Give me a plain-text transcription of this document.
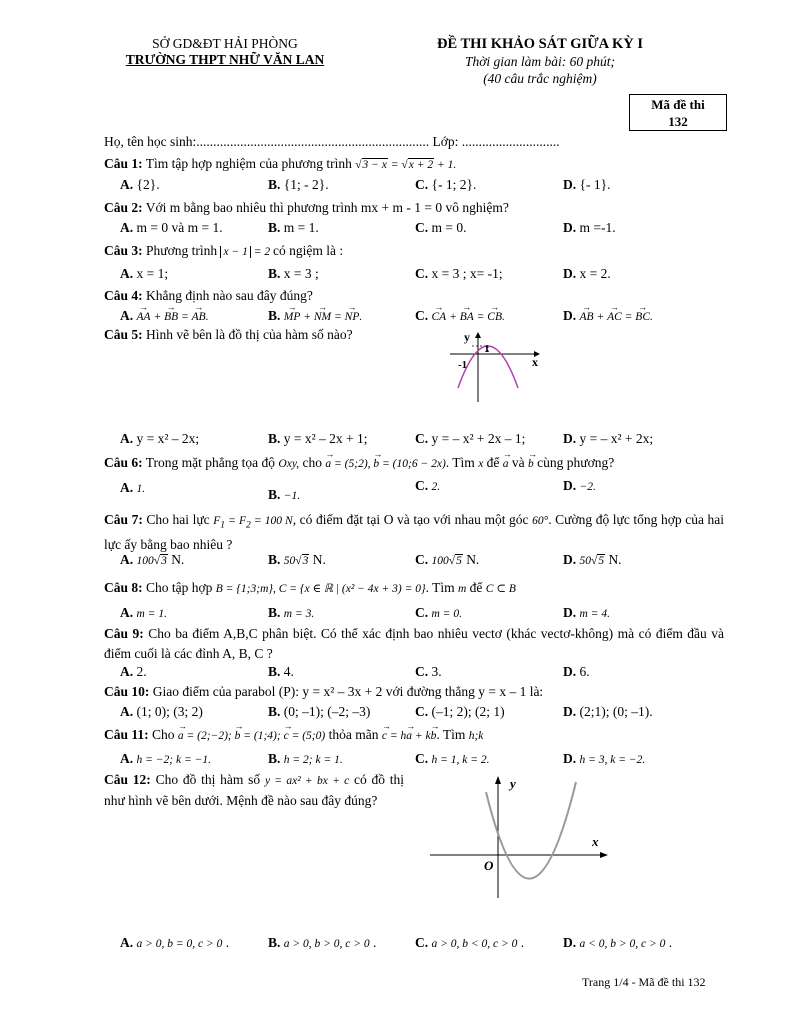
SỞ GD&ĐT HẢI PHÒNG
TRƯỜNG THPT NHỮ VĂN LAN
ĐỀ THI KHẢO SÁT GIỮA KỲ I
Thời gian làm bài: 60 phút;
(40 câu trắc nghiệm)
Mã đề thi
132
Họ, tên học sinh:..................................................................... Lớp: .............................
Câu 1: Tìm tập hợp nghiệm của phương trình √3 − x = √x + 2 + 1.
A. {2}.	B. {1; - 2}.	C. {- 1; 2}.	D. {- 1}.
Câu 2: Với m bằng bao nhiêu thì phương trình mx + m - 1 = 0 vô nghiệm?
A. m = 0 và m = 1.	B. m = 1.	C. m = 0.	D. m =-1.
Câu 3: Phương trình x − 1 = 2 có ngiệm là :
A. x = 1;	B. x = 3 ;	C. x = 3 ; x= -1;	D. x = 2.
Câu 4: Khẳng định nào sau đây đúng?
A. → AA + → BB = → AB.	B. → MP + → NM = → NP.	C. → CA + → BA = → CB.	D. → AB + → AC = → BC.
Câu 5: Hình vẽ bên là đồ thị của hàm số nào?	y
x
1
-1
A. y = x² – 2x;	B. y = x² – 2x + 1;	C. y = – x² + 2x – 1;	D. y = – x² + 2x;
Câu 6: Trong mặt phẳng tọa độ Oxy, cho → a = (5;2), → b = (10;6 − 2x). Tìm x để → a và → b cùng phương?
A. 1.	B. −1.
C. 2.	D. −2.
Câu 7: Cho hai lực $F_1 = F_2 = 100$ N, có điểm đặt tại O và tạo với nhau một góc 60°. Cường độ lực tổng hợp của hai lực ấy bằng bao nhiêu ?
A. 100√3 N.	B. 50√3 N.	C. 100√5 N.	D. 50√5 N.
Câu 8: Cho tập hợp B = {1;3;m}, C = {x ∈ ℝ | (x² − 4x + 3) = 0}. Tìm m để C ⊂ B
A. m = 1.	B. m = 3.	C. m = 0.	D. m = 4.
Câu 9: Cho ba điểm A,B,C phân biệt. Có thể xác định bao nhiêu vectơ (khác vectơ-không) mà có điểm đầu và điểm cuối là các đỉnh A, B, C ?
A. 2.	B. 4.	C. 3.	D. 6.
Câu 10: Giao điểm của parabol (P): y = x² – 3x + 2 với đường thẳng y = x – 1 là:
A. (1; 0); (3; 2)	B. (0; –1); (–2; –3)	C. (–1; 2); (2; 1)	D. (2;1); (0; –1).
Câu 11: Cho → a = (2;−2); → b = (1;4); → c = (5;0) thỏa mãn → c = h→ a + k→ b. Tìm h;k
A. h = −2; k = −1.	B. h = 2; k = 1.	C. h = 1, k = 2.	D. h = 3, k = −2.
Câu 12: Cho đồ thị hàm số y = ax² + bx + c có đồ thị như hình vẽ bên dưới. Mệnh đề nào sau đây đúng?
y
x
O
A. a > 0, b = 0, c > 0 .	B. a > 0, b > 0, c > 0 .	C. a > 0, b < 0, c > 0 .	D. a < 0, b > 0, c > 0 .
Trang 1/4 - Mã đề thi 132
